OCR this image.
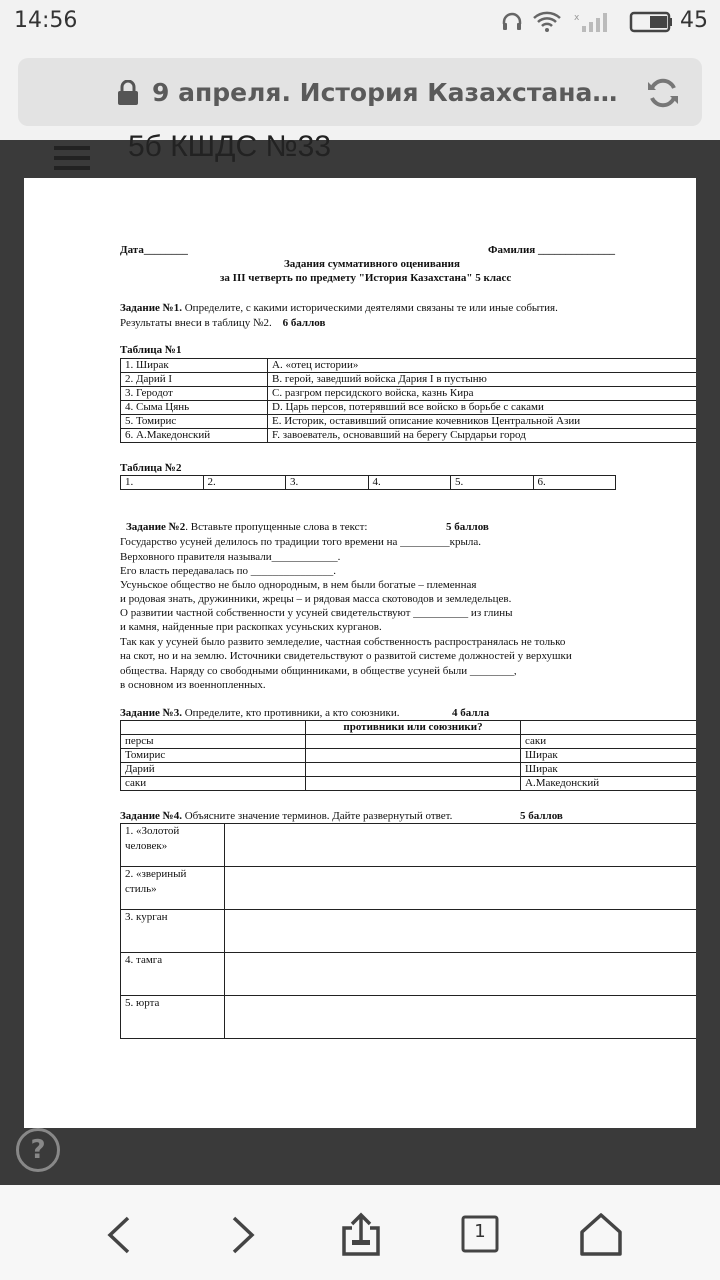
14:56	x	45
9 апреля. История Казахстана…
5б КШДС №33
Дата________	Фамилия ______________
Задания суммативного оценивания
за III четверть по предмету "История Казахстана" 5 класс
Задание №1. Определите, с какими историческими деятелями связаны те или иные события.
Результаты внеси в таблицу №2. 6 баллов
Таблица №1
1. Ширак	A. «отец истории»
2. Дарий I	B. герой, заведший войска Дария I в пустыню
3. Геродот	C. разгром персидского войска, казнь Кира
4. Сыма Цянь	D. Царь персов, потерявший все войско в борьбе с саками
5. Томирис	E. Историк, оставивший описание кочевников Центральной Азии
6. А.Македонский	F. завоеватель, основавший на берегу Сырдарьи город
Таблица №2
1.	2.	3.	4.	5.	6.
Задание №2. Вставьте пропущенные слова в текст:	5 баллов
Государство усуней делилось по традиции того времени на _________крыла.
Верховного правителя называли____________.
Его власть передавалась по _______________.
Усуньское общество не было однородным, в нем были богатые – племенная
и родовая знать, дружинники, жрецы – и рядовая масса скотоводов и земледельцев.
О развитии частной собственности у усуней свидетельствуют __________ из глины
и камня, найденные при раскопках усуньских курганов.
Так как у усуней было развито земледелие, частная собственность распространялась не только
на скот, но и на землю. Источники свидетельствуют о развитой системе должностей у верхушки
общества. Наряду со свободными общинниками, в обществе усуней были ________,
в основном из военнопленных.
Задание №3. Определите, кто противники, а кто союзники.	4 балла
	противники или союзники?	
персы		саки
Томирис		Ширак
Дарий		Ширак
саки		А.Македонский
Задание №4. Объясните значение терминов. Дайте развернутый ответ.	5 баллов
1. «Золотой
человек»	
2. «звериный
стиль»	
3. курган	
4. тамга	
5. юрта	
?
1
